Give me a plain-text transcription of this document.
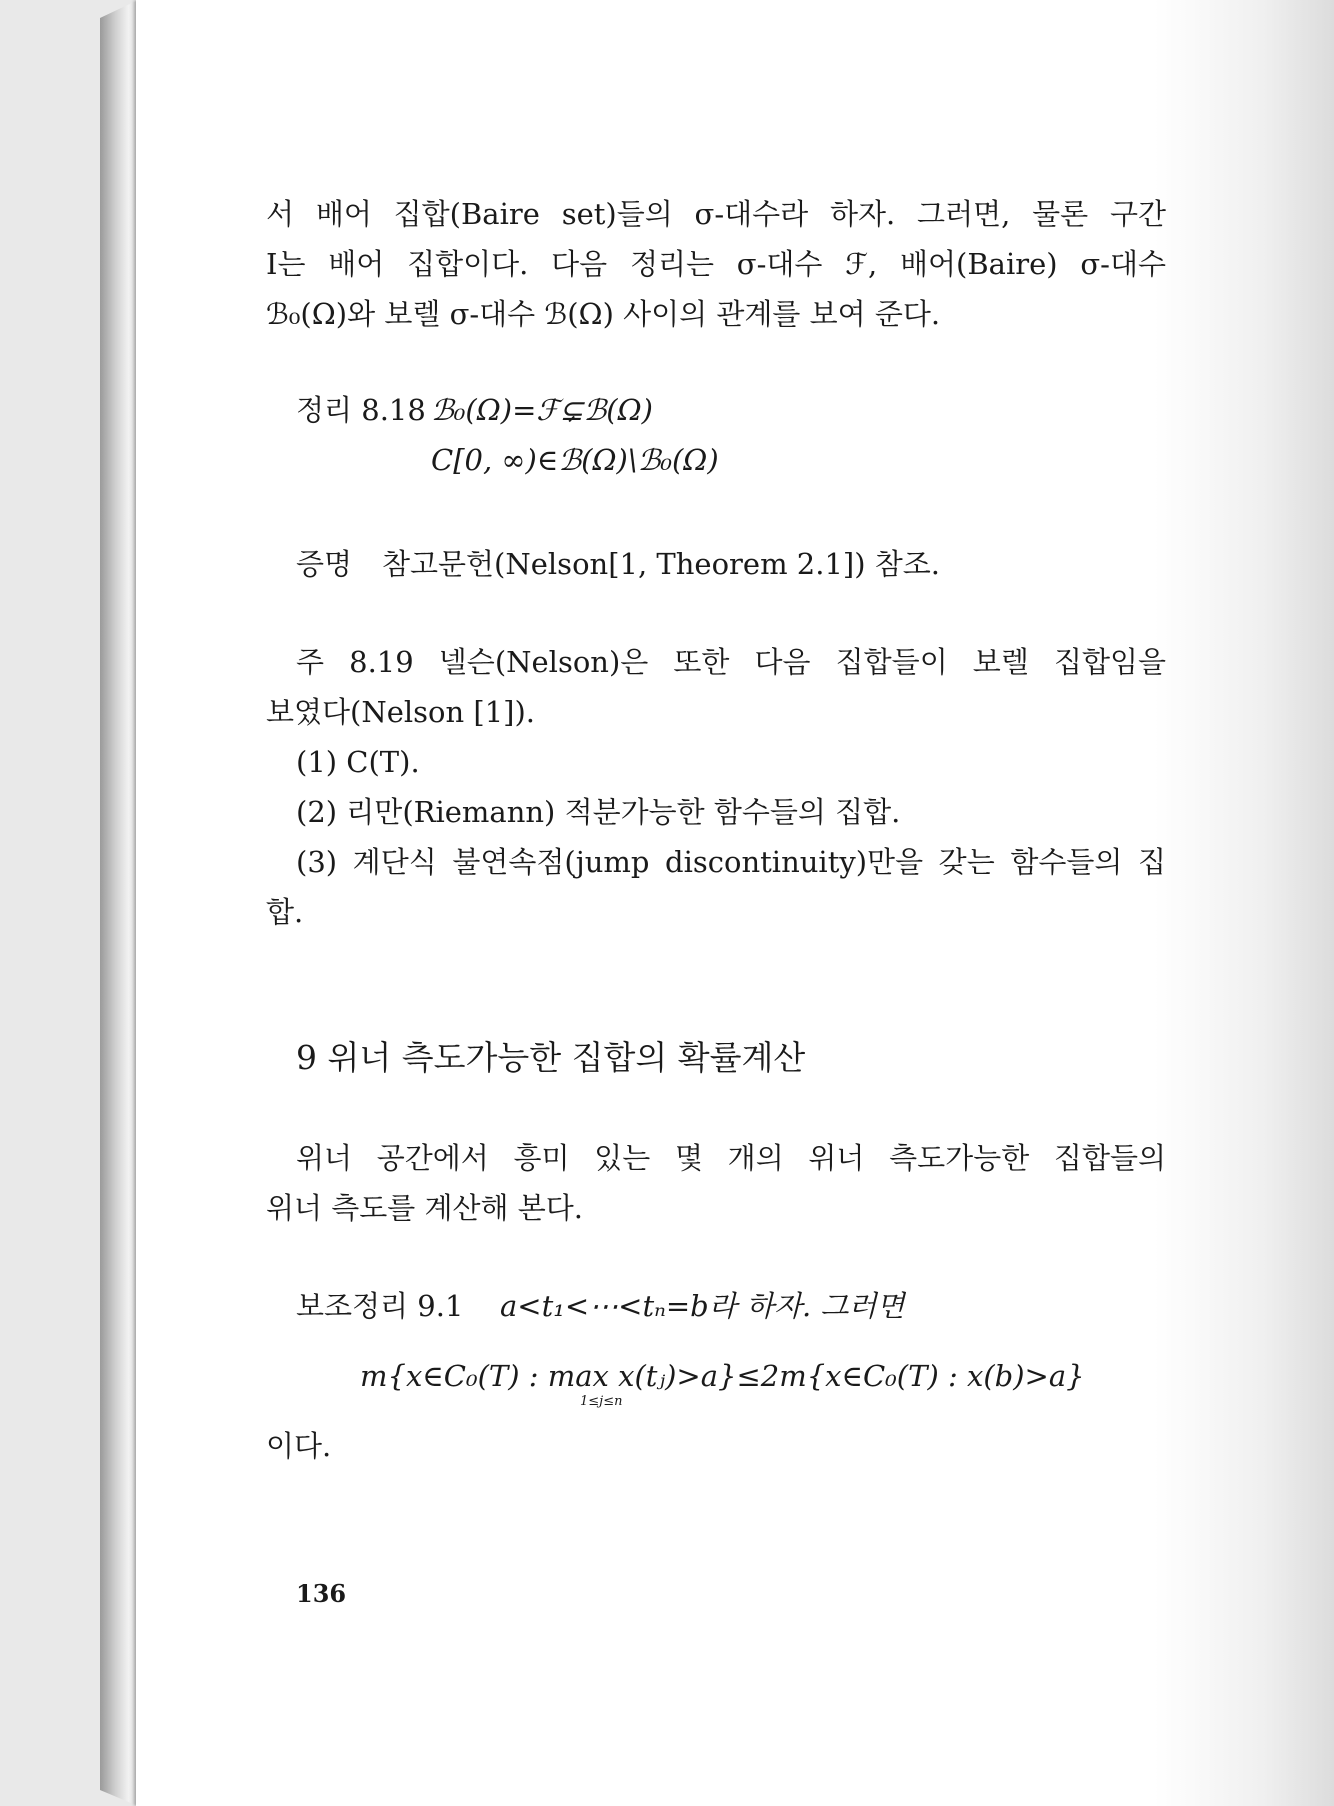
서 배어 집합(Baire set)들의 σ-대수라 하자. 그러면, 물론 구간

I는 배어 집합이다. 다음 정리는 σ-대수 ℱ, 배어(Baire) σ-대수

ℬ₀(Ω)와 보렐 σ-대수 ℬ(Ω) 사이의 관계를 보여 준다.

정리 8.18 ℬ₀(Ω)=ℱ⊊ℬ(Ω)

C[0, ∞)∈ℬ(Ω)\ℬ₀(Ω)

증명 참고문헌(Nelson[1, Theorem 2.1]) 참조.

주 8.19 넬슨(Nelson)은 또한 다음 집합들이 보렐 집합임을

보였다(Nelson [1]).

(1) C(T).

(2) 리만(Riemann) 적분가능한 함수들의 집합.

(3) 계단식 불연속점(jump discontinuity)만을 갖는 함수들의 집

합.

9 위너 측도가능한 집합의 확률계산

위너 공간에서 흥미 있는 몇 개의 위너 측도가능한 집합들의

위너 측도를 계산해 본다.

보조정리 9.1 a<t₁<⋯<tₙ=b라 하자. 그러면

m{x∈C₀(T) : max x(tⱼ)>a}≤2m{x∈C₀(T) : x(b)>a}

1≤j≤n

이다.

136
